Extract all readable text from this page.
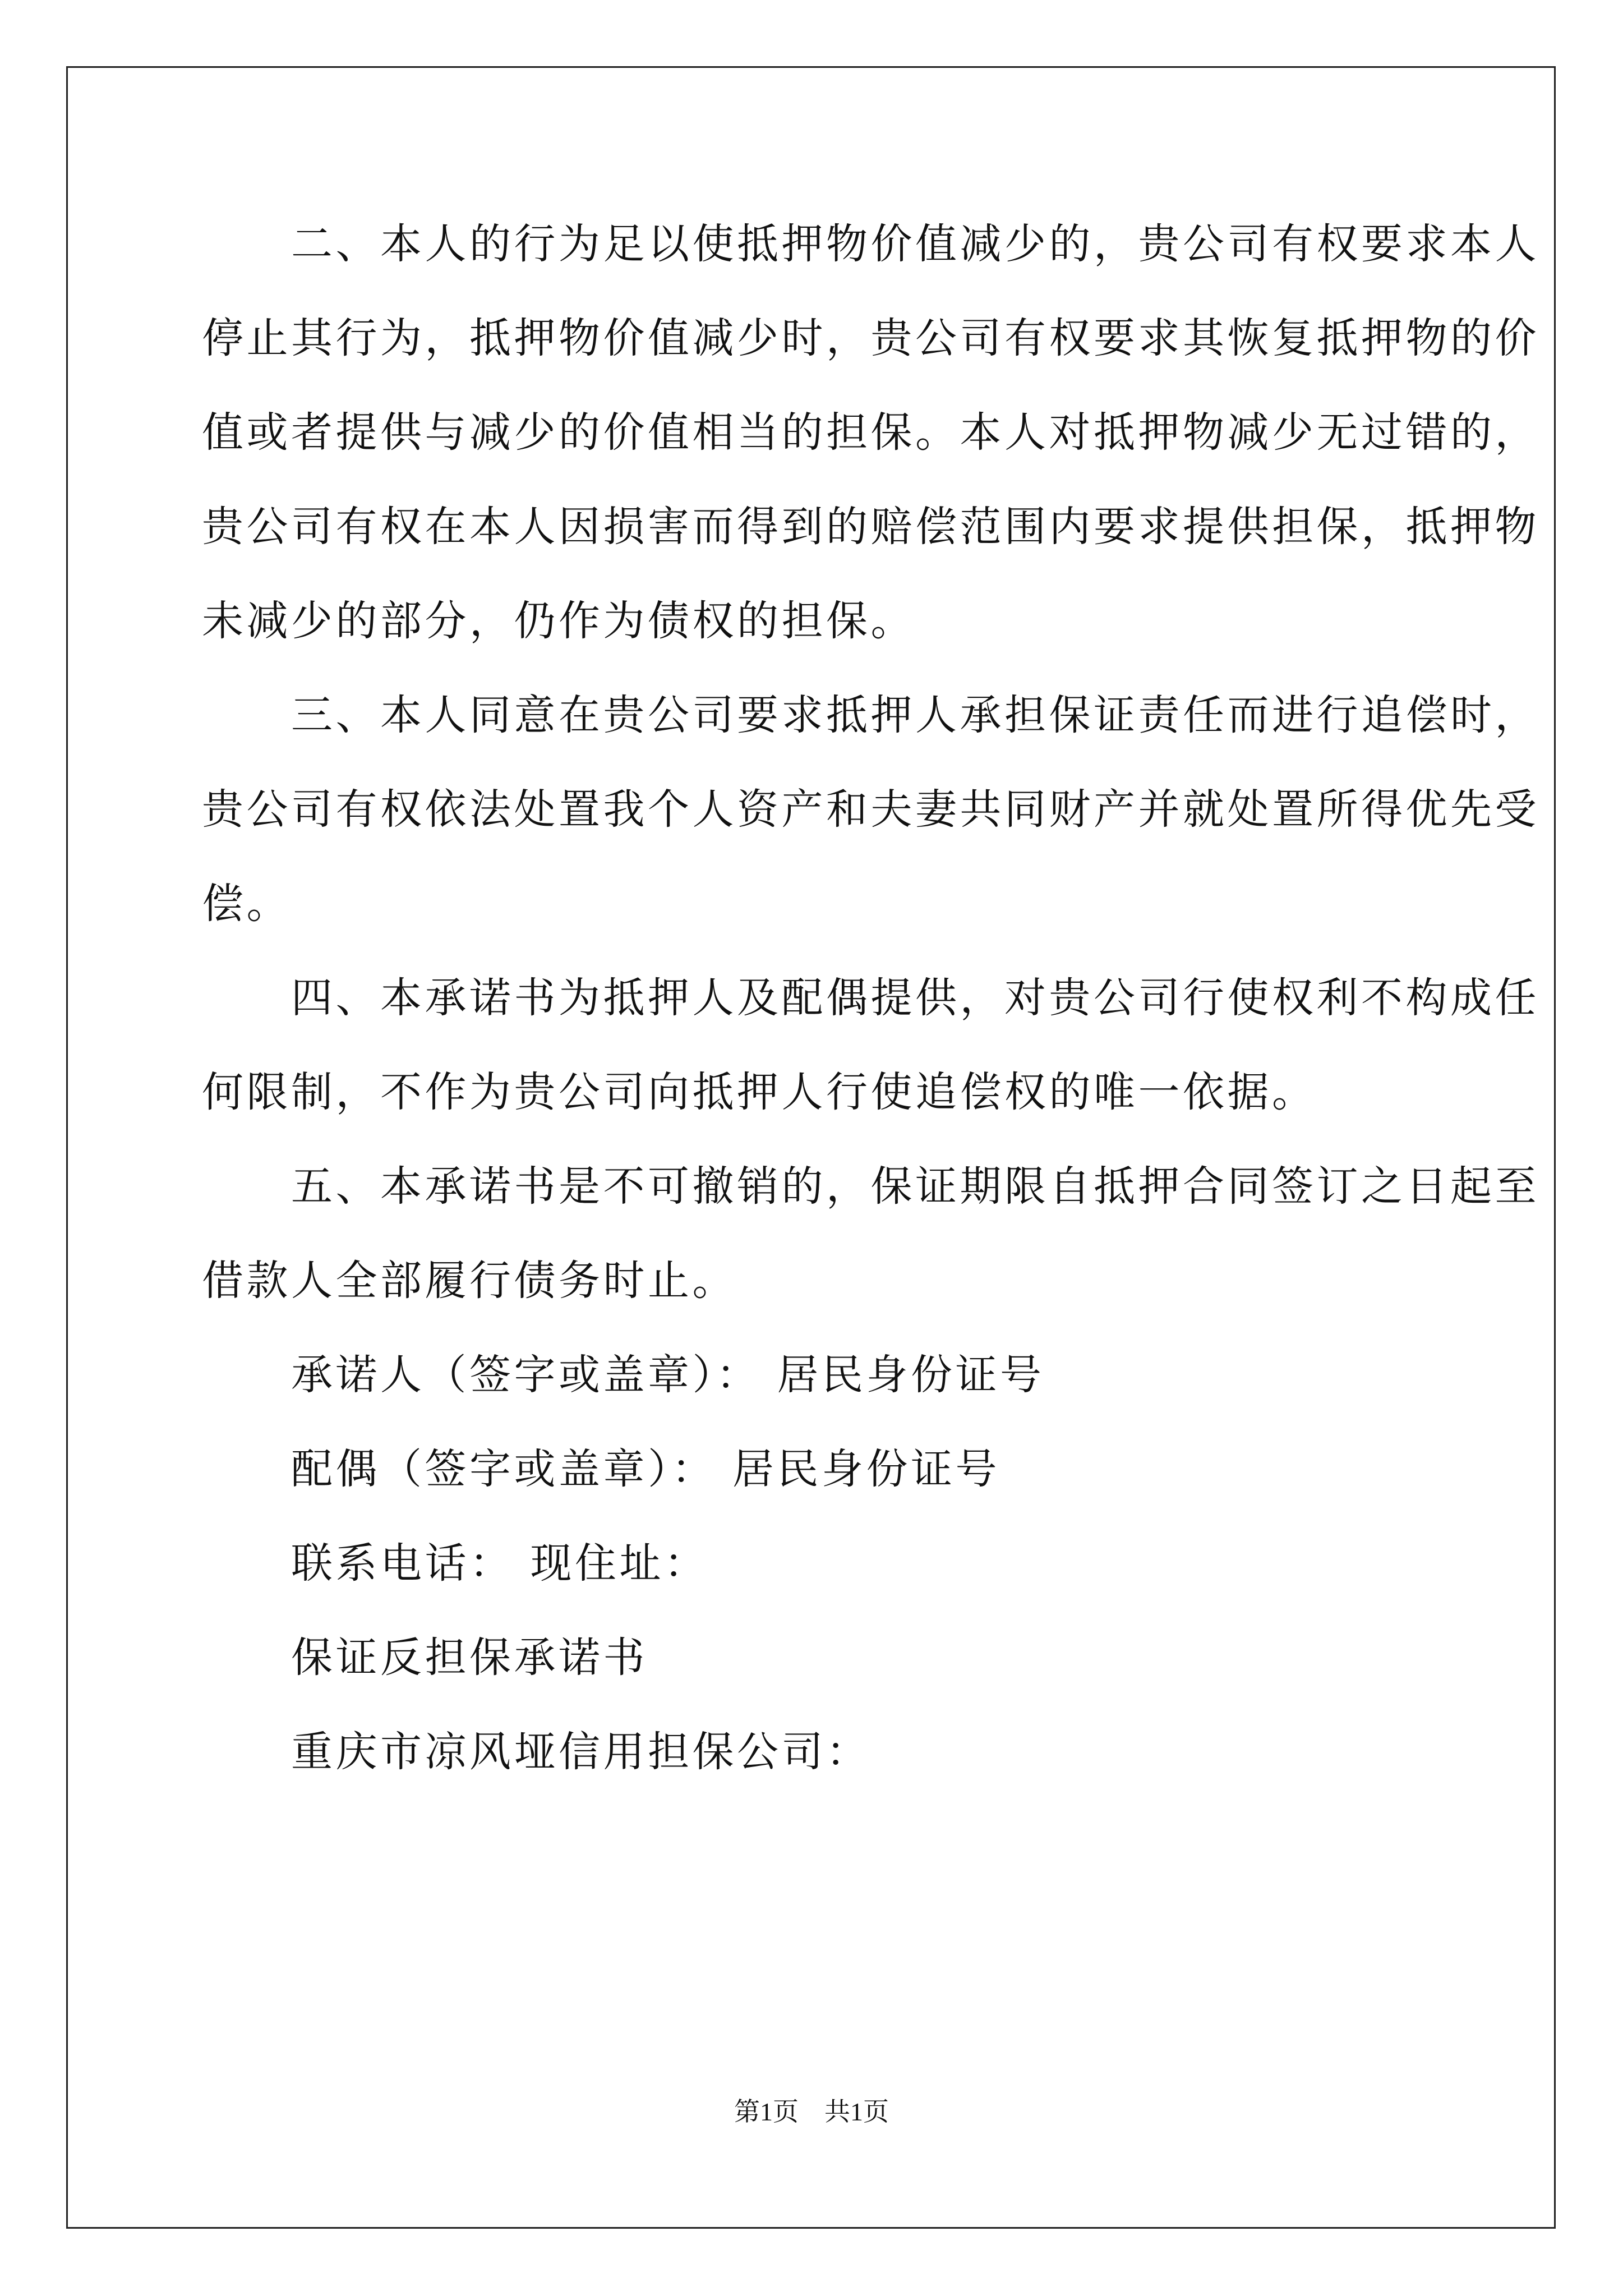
　　二、本人的行为足以使抵押物价值减少的，贵公司有权要求本人
停止其行为，抵押物价值减少时，贵公司有权要求其恢复抵押物的价
值或者提供与减少的价值相当的担保。本人对抵押物减少无过错的，
贵公司有权在本人因损害而得到的赔偿范围内要求提供担保，抵押物
未减少的部分，仍作为债权的担保。
　　三、本人同意在贵公司要求抵押人承担保证责任而进行追偿时，
贵公司有权依法处置我个人资产和夫妻共同财产并就处置所得优先受
偿。
　　四、本承诺书为抵押人及配偶提供，对贵公司行使权利不构成任
何限制，不作为贵公司向抵押人行使追偿权的唯一依据。
　　五、本承诺书是不可撤销的，保证期限自抵押合同签订之日起至
借款人全部履行债务时止。
　　承诺人（签字或盖章）： 居民身份证号
　　配偶（签字或盖章）： 居民身份证号
　　联系电话： 现住址：
　　保证反担保承诺书
　　重庆市凉风垭信用担保公司：
第1页　共1页
